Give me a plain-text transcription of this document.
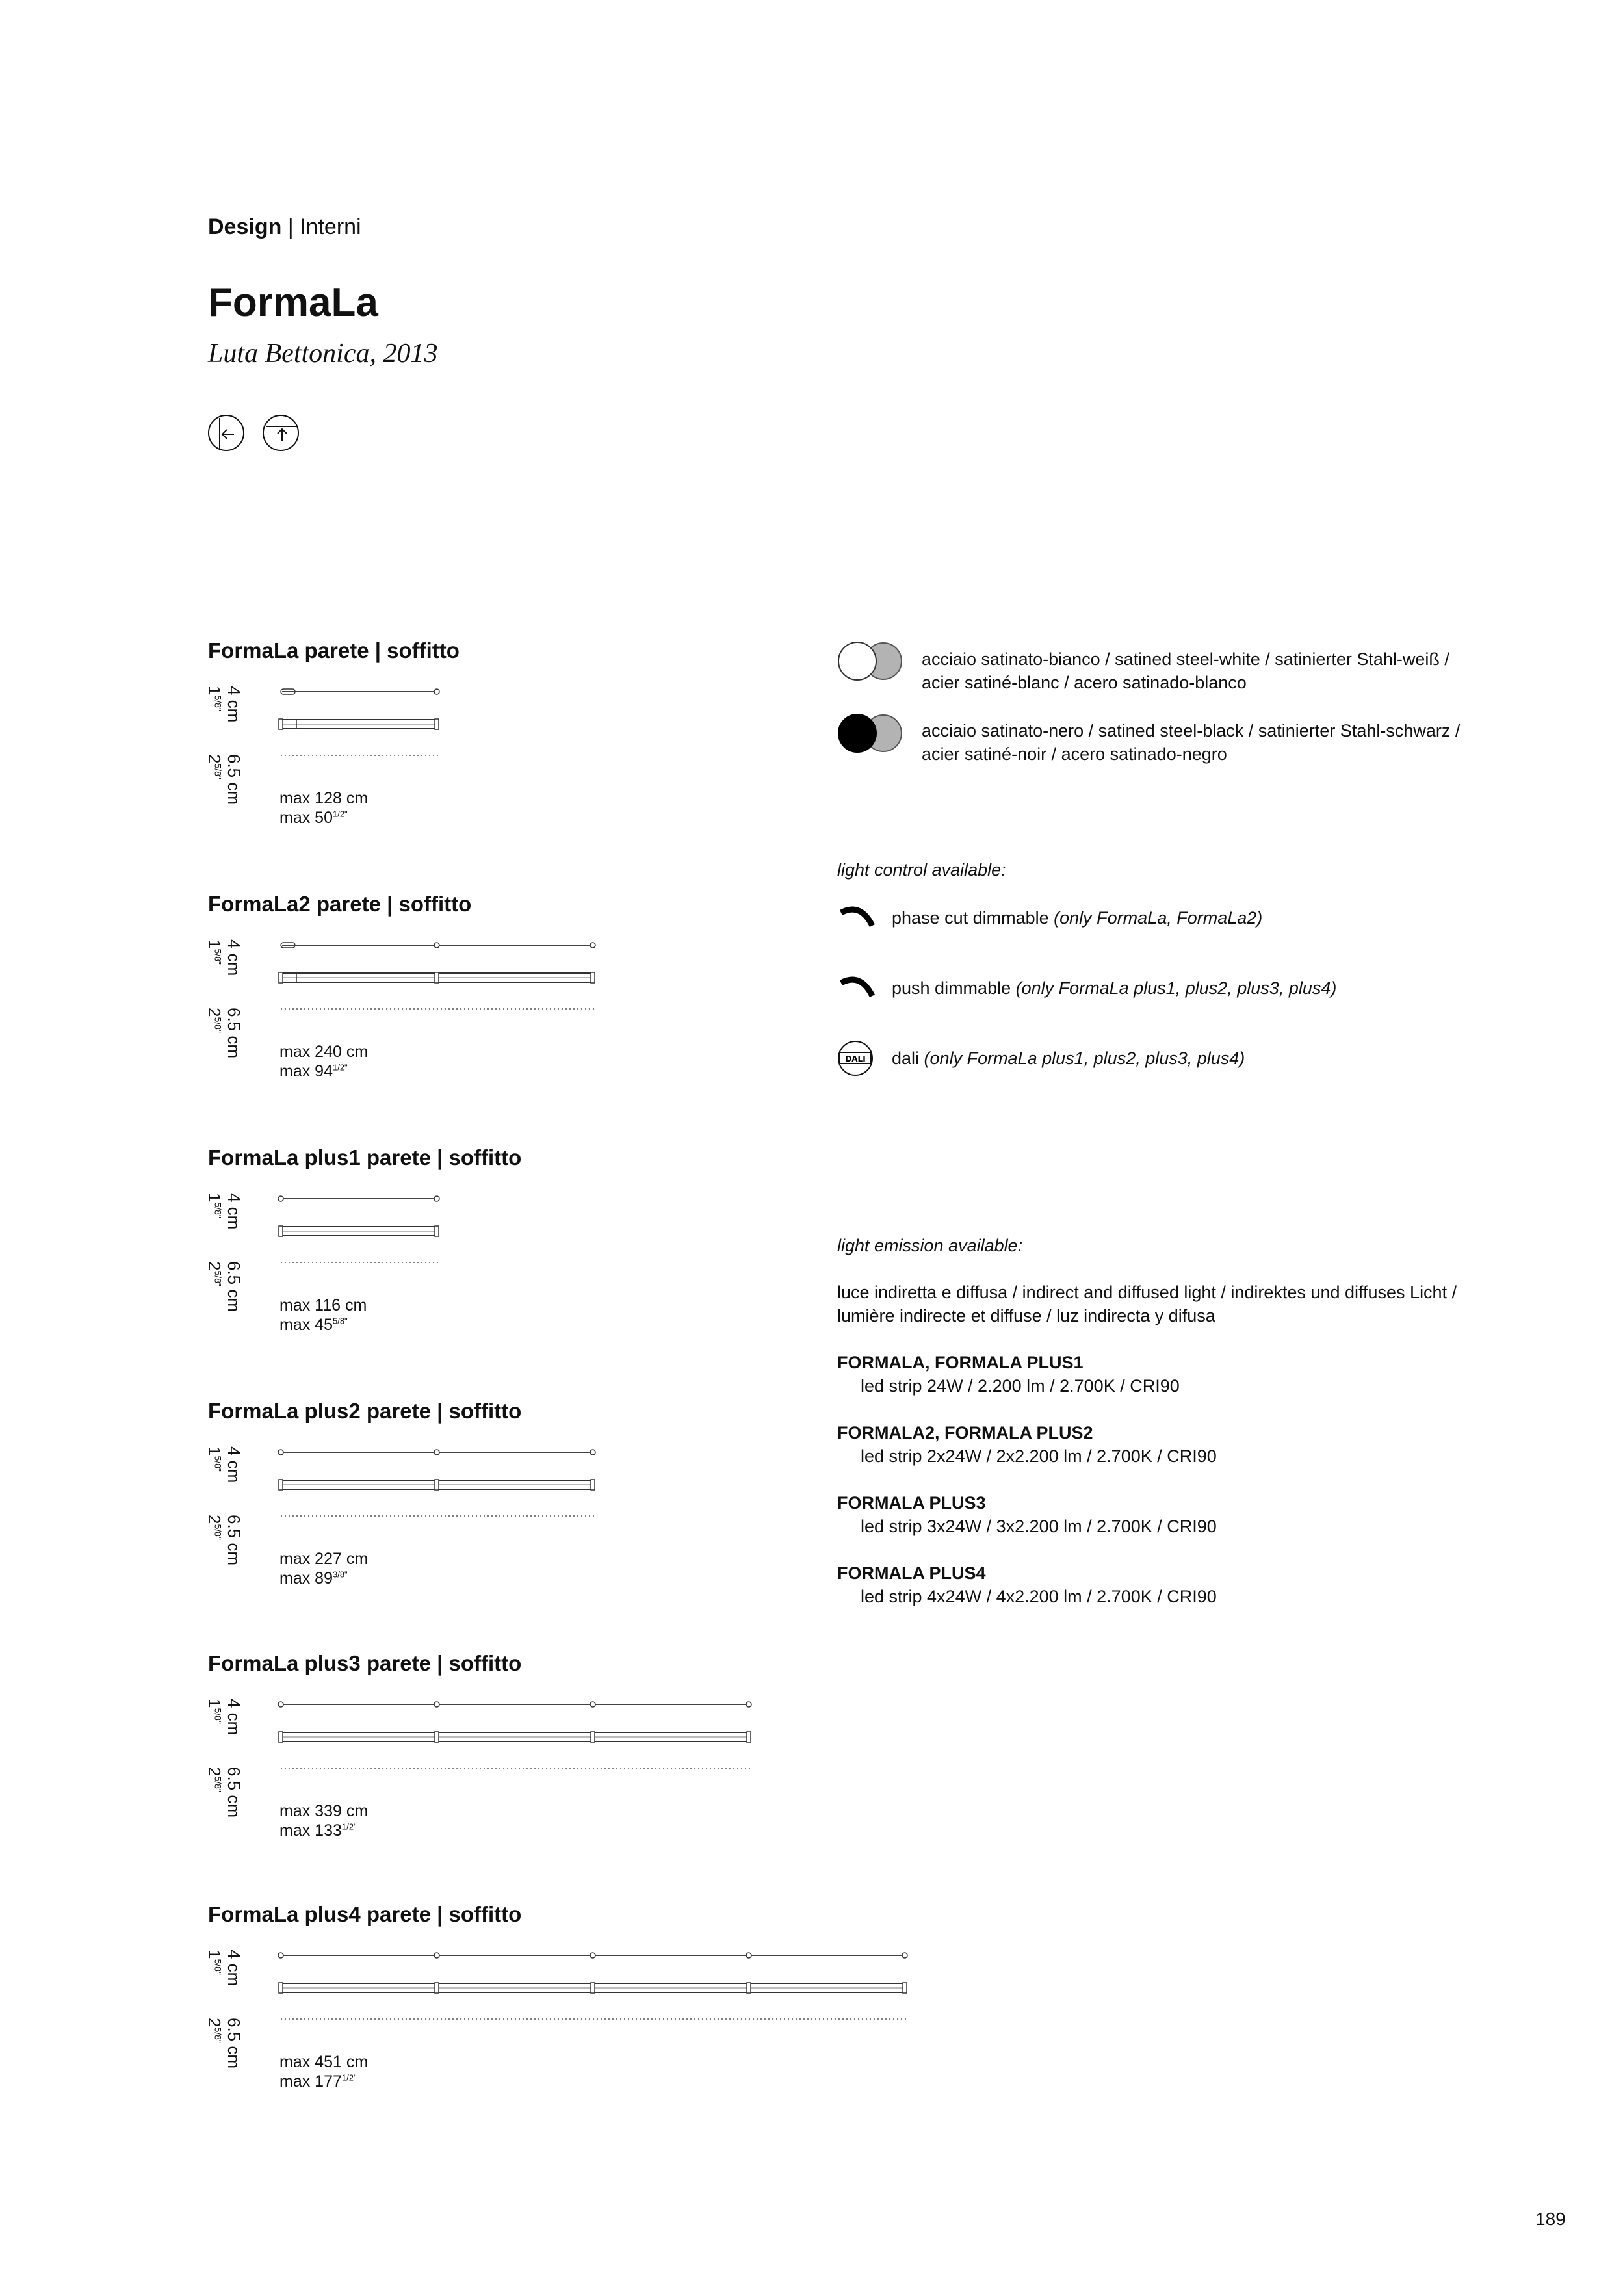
Design | Interni
FormaLa
Luta Bettonica, 2013
FormaLa parete | soffitto
4 cm
$1^{5/8"}$
6.5 cm
$2^{5/8"}$
max 128 cm
$\max 50^{1/2"}$
FormaLa2 parete | soffitto
4 cm
$1^{5/8"}$
6.5 cm
$2^{5/8"}$
max 240 cm
$\max 94^{1/2"}$
FormaLa plus1 parete | soffitto
4 cm
$1^{5/8"}$
6.5 cm
$2^{5/8"}$
max 116 cm
$\max 45^{5/8"}$
FormaLa plus2 parete | soffitto
4 cm
$1^{5/8"}$
6.5 cm
$2^{5/8"}$
max 227 cm
$\max 89^{3/8"}$
FormaLa plus3 parete | soffitto
4 cm
$1^{5/8"}$
6.5 cm
$2^{5/8"}$
max 339 cm
$\max 133^{1/2"}$
FormaLa plus4 parete | soffitto
4 cm
$1^{5/8"}$
6.5 cm
$2^{5/8"}$
max 451 cm
$\max 177^{1/2"}$
acciaio satinato-bianco / satined steel-white / satinierter Stahl-weiß /
acier satiné-blanc / acero satinado-blanco
acciaio satinato-nero / satined steel-black / satinierter Stahl-schwarz /
acier satiné-noir / acero satinado-negro
light control available:
phase cut dimmable (only FormaLa, FormaLa2)
push dimmable (only FormaLa plus1, plus2, plus3, plus4)
DALI dali (only FormaLa plus1, plus2, plus3, plus4)
light emission available:
luce indiretta e diffusa / indirect and diffused light / indirektes und diffuses Licht /
lumière indirecte et diffuse / luz indirecta y difusa
FORMALA, FORMALA PLUS1
led strip 24W / 2.200 lm / 2.700K / CRI90
FORMALA2, FORMALA PLUS2
led strip 2x24W / 2x2.200 lm / 2.700K / CRI90
FORMALA PLUS3
led strip 3x24W / 3x2.200 lm / 2.700K / CRI90
FORMALA PLUS4
led strip 4x24W / 4x2.200 lm / 2.700K / CRI90
189
